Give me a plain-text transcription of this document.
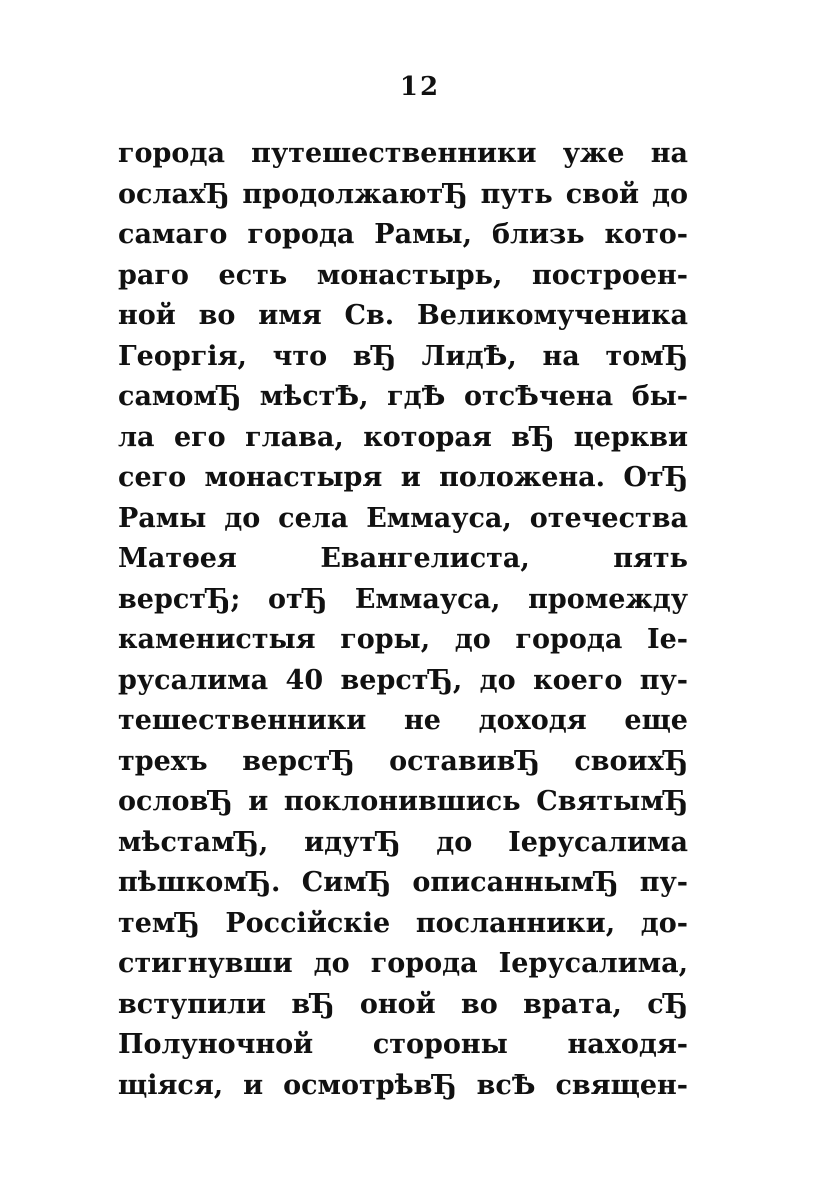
12
города путешественники уже на
ослахЂ продолжаютЂ путь свой до
самаго города Рамы, близь кото-
раго есть монастырь, построен-
ной во имя Св. Великомученика
Георгія, что вЂ ЛидѢ, на томЂ
самомЂ мѣстѢ, гдѢ отсѢчена бы-
ла его глава, которая вЂ церкви
сего монастыря и положена. ОтЂ
Рамы до села Еммауса, отечества
Матѳея Евангелиста, пять
верстЂ; отЂ Еммауса, промежду
каменистыя горы, до города Іе-
русалима 40 верстЂ, до коего пу-
тешественники не доходя еще
трехъ верстЂ оставивЂ своихЂ
ословЂ и поклонившись СвятымЂ
мѣстамЂ, идутЂ до Іерусалима
пѣшкомЂ. СимЂ описаннымЂ пу-
темЂ Россійскіе посланники, до-
стигнувши до города Іерусалима,
вступили вЂ оной во врата, сЂ
Полуночной стороны находя-
щіяся, и осмотрѣвЂ всѢ священ-
